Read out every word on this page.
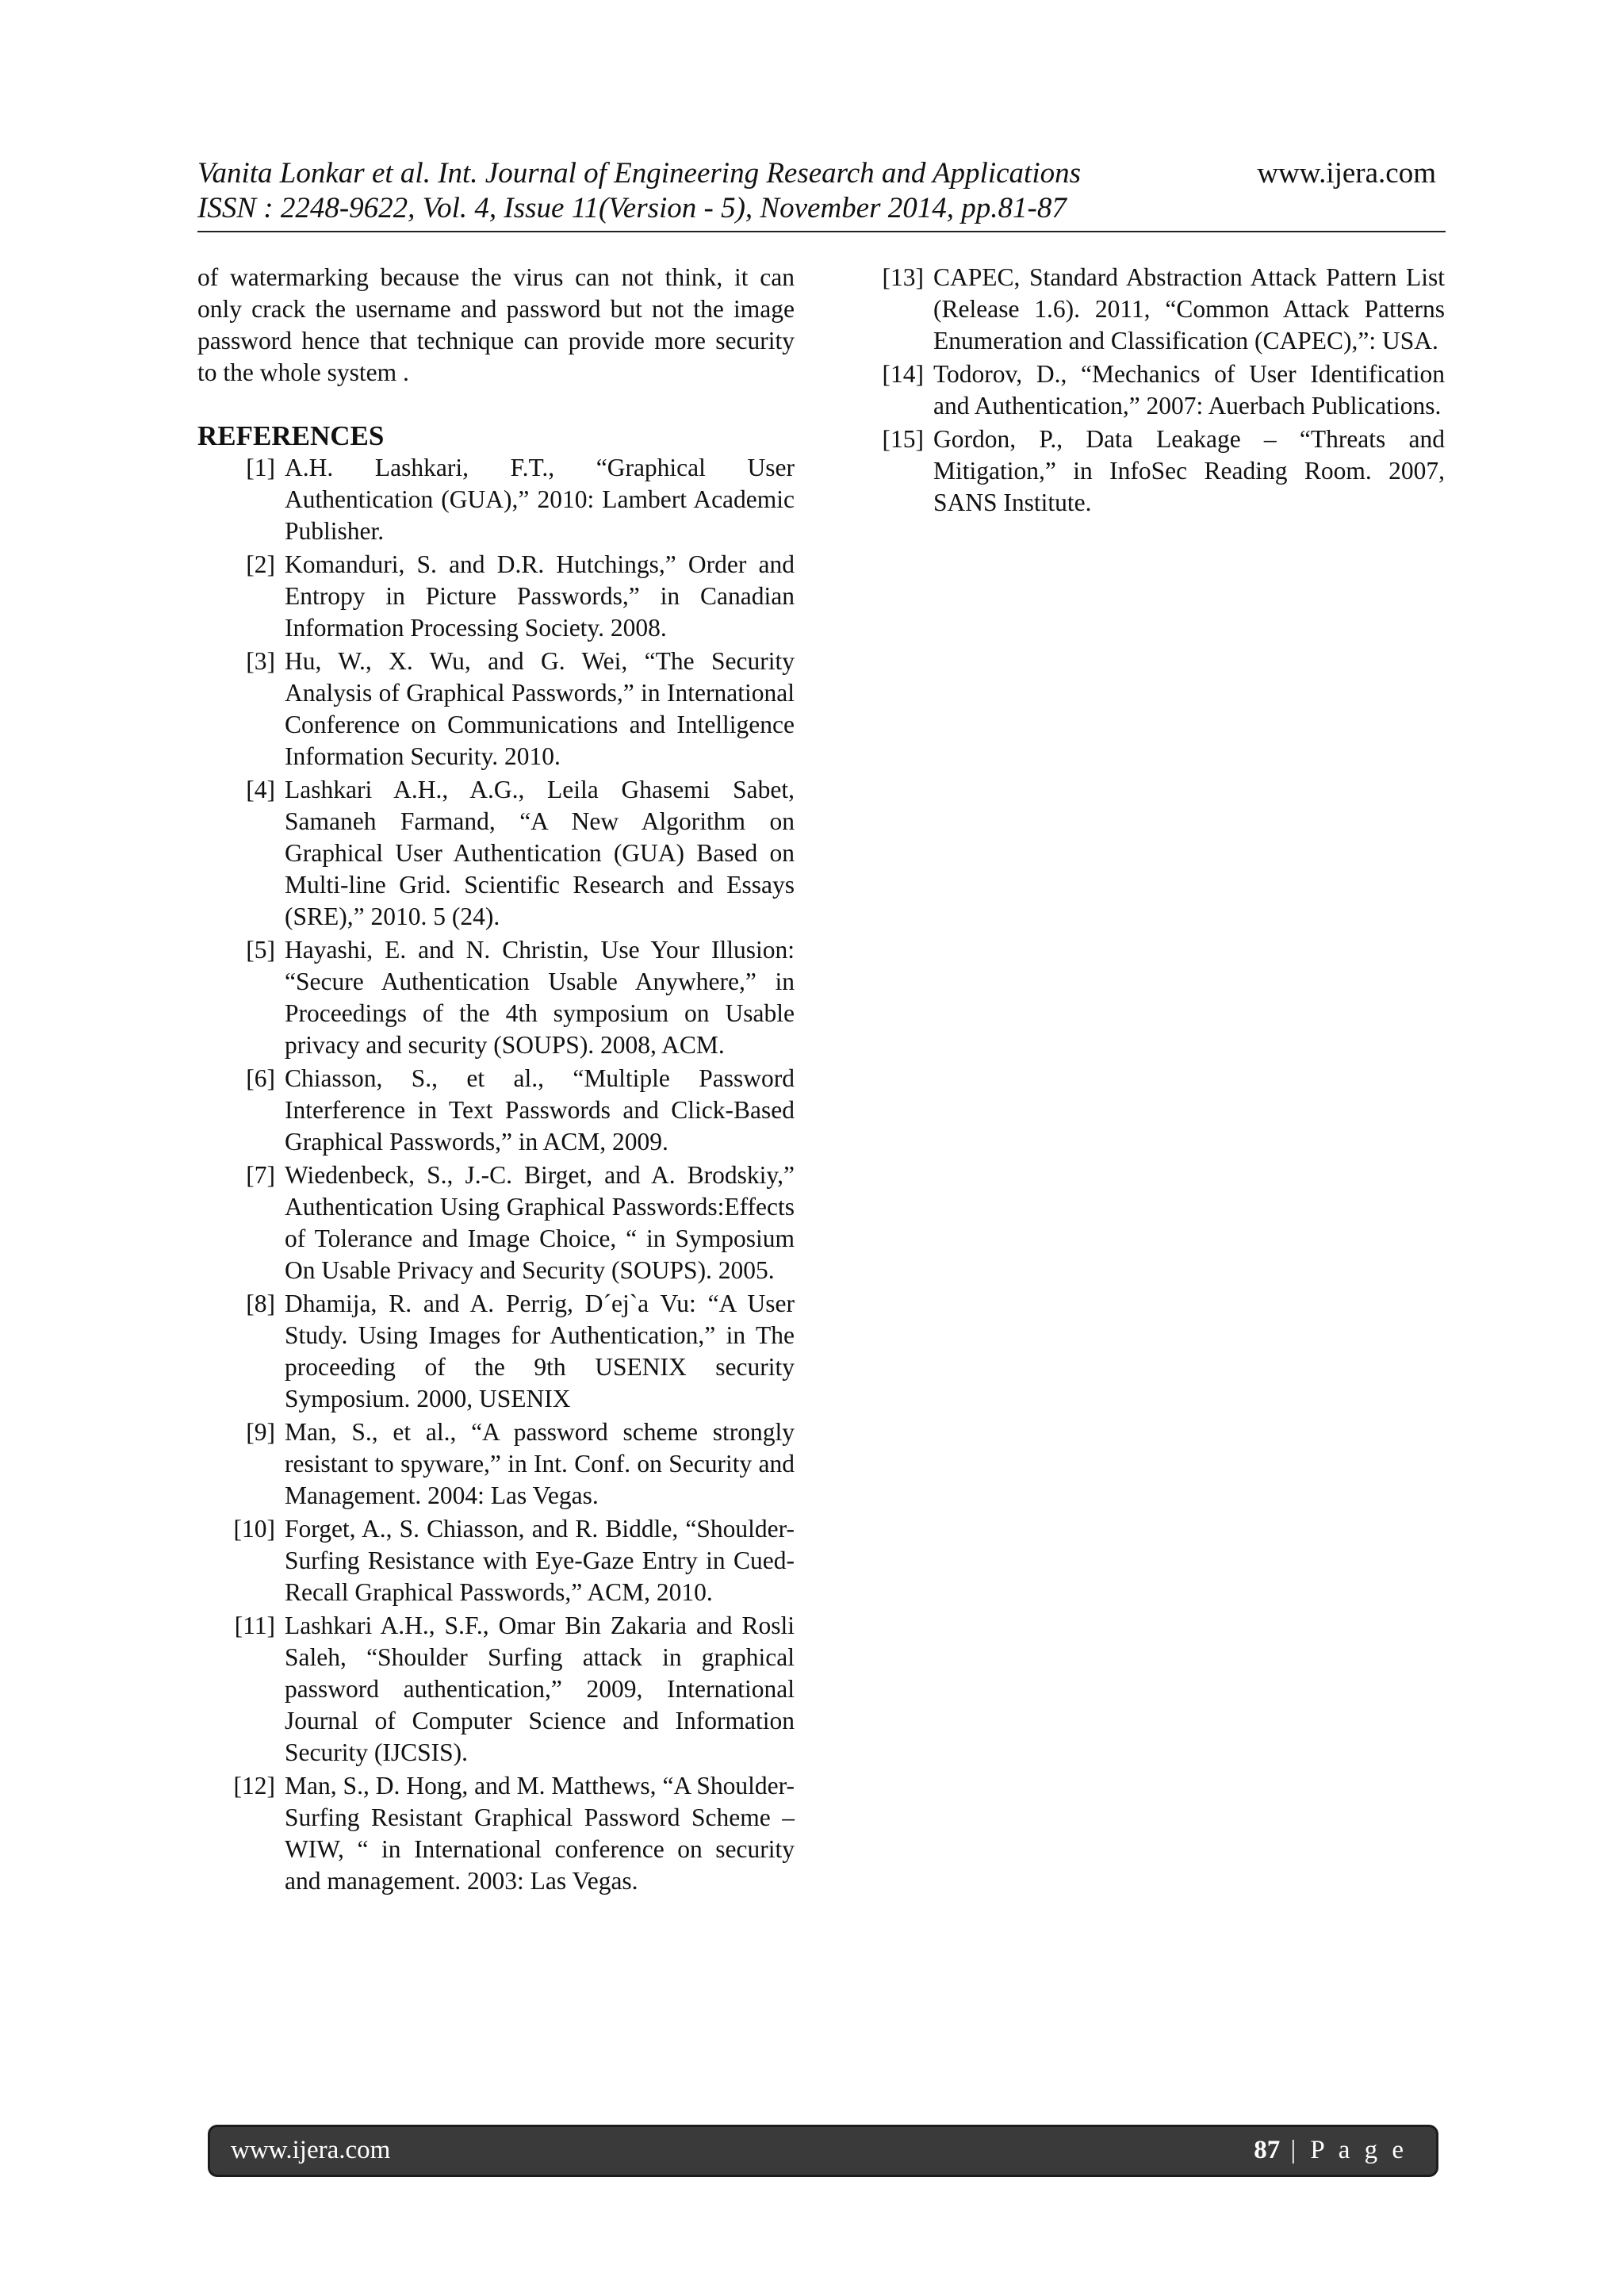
Vanita Lonkar et al. Int. Journal of Engineering Research and Applications
ISSN : 2248-9622, Vol. 4, Issue 11(Version - 5), November 2014, pp.81-87
www.ijera.com

of watermarking because the virus can not think, it can only crack the username and password but not the image password hence that technique can provide more security to the whole system .

REFERENCES
[1] A.H. Lashkari, F.T., “Graphical User Authentication (GUA),” 2010: Lambert Academic Publisher.
[2] Komanduri, S. and D.R. Hutchings,” Order and Entropy in Picture Passwords,” in Canadian Information Processing Society. 2008.
[3] Hu, W., X. Wu, and G. Wei, “The Security Analysis of Graphical Passwords,” in International Conference on Communications and Intelligence Information Security. 2010.
[4] Lashkari A.H., A.G., Leila Ghasemi Sabet, Samaneh Farmand, “A New Algorithm on Graphical User Authentication (GUA) Based on Multi-line Grid. Scientific Research and Essays (SRE),” 2010. 5 (24).
[5] Hayashi, E. and N. Christin, Use Your Illusion: “Secure Authentication Usable Anywhere,” in Proceedings of the 4th symposium on Usable privacy and security (SOUPS). 2008, ACM.
[6] Chiasson, S., et al., “Multiple Password Interference in Text Passwords and Click-Based Graphical Passwords,” in ACM, 2009.
[7] Wiedenbeck, S., J.-C. Birget, and A. Brodskiy,” Authentication Using Graphical Passwords:Effects of Tolerance and Image Choice, “ in Symposium On Usable Privacy and Security (SOUPS). 2005.
[8] Dhamija, R. and A. Perrig, D´ej`a Vu: “A User Study. Using Images for Authentication,” in The proceeding of the 9th USENIX security Symposium. 2000, USENIX
[9] Man, S., et al., “A password scheme strongly resistant to spyware,” in Int. Conf. on Security and Management. 2004: Las Vegas.
[10] Forget, A., S. Chiasson, and R. Biddle, “Shoulder-Surfing Resistance with Eye-Gaze Entry in Cued-Recall Graphical Passwords,” ACM, 2010.
[11] Lashkari A.H., S.F., Omar Bin Zakaria and Rosli Saleh, “Shoulder Surfing attack in graphical password authentication,” 2009, International Journal of Computer Science and Information Security (IJCSIS).
[12] Man, S., D. Hong, and M. Matthews, “A Shoulder-Surfing Resistant Graphical Password Scheme – WIW, “ in International conference on security and management. 2003: Las Vegas.
[13] CAPEC, Standard Abstraction Attack Pattern List (Release 1.6). 2011, “Common Attack Patterns Enumeration and Classification (CAPEC),”: USA.
[14] Todorov, D., “Mechanics of User Identification and Authentication,” 2007: Auerbach Publications.
[15] Gordon, P., Data Leakage – “Threats and Mitigation,” in InfoSec Reading Room. 2007, SANS Institute.
www.ijera.com	87 | P a g e
